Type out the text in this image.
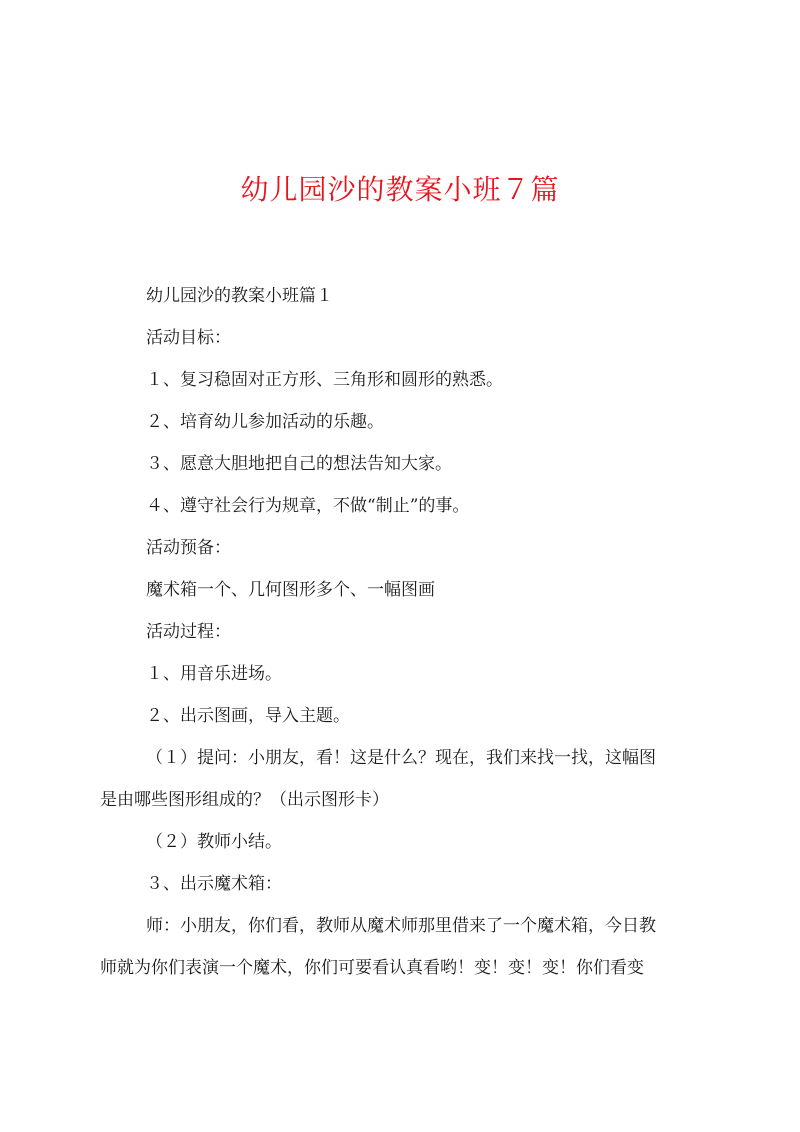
幼儿园沙的教案小班７篇

幼儿园沙的教案小班篇１

活动目标：

１、复习稳固对正方形、三角形和圆形的熟悉。

２、培育幼儿参加活动的乐趣。

３、愿意大胆地把自己的想法告知大家。

４、遵守社会行为规章，不做“制止”的事。

活动预备：

魔术箱一个、几何图形多个、一幅图画

活动过程：

１、用音乐进场。

２、出示图画，导入主题。

（１）提问：小朋友，看！这是什么？现在，我们来找一找，这幅图
是由哪些图形组成的？（出示图形卡）

（２）教师小结。

３、出示魔术箱：

师：小朋友，你们看，教师从魔术师那里借来了一个魔术箱，今日教
师就为你们表演一个魔术，你们可要看认真看哟！变！变！变！你们看变
